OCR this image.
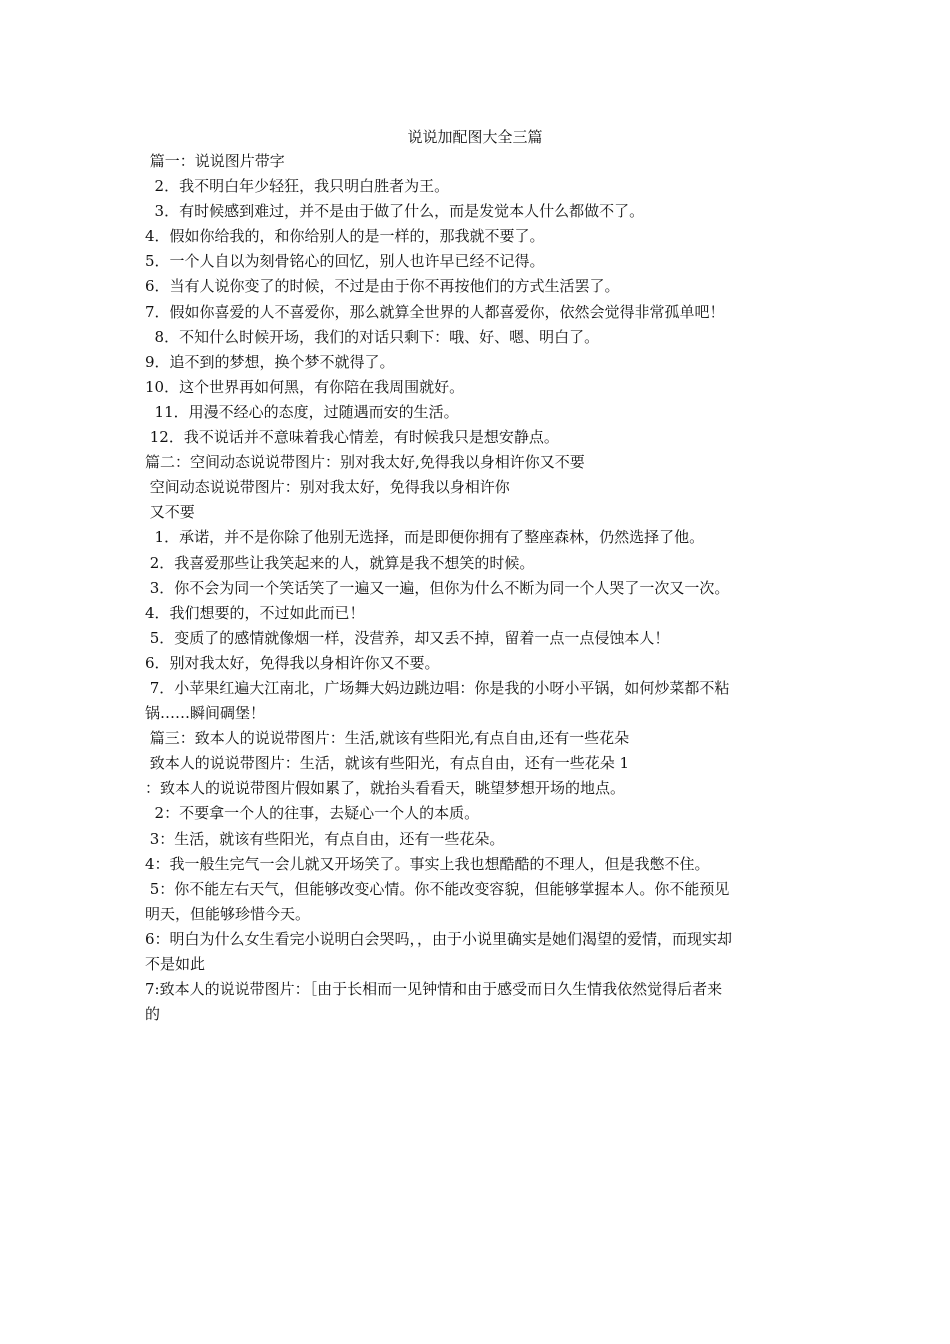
说说加配图大全三篇
篇一：说说图片带字
2．我不明白年少轻狂，我只明白胜者为王。
3．有时候感到难过，并不是由于做了什么，而是发觉本人什么都做不了。
4．假如你给我的，和你给别人的是一样的，那我就不要了。
5．一个人自以为刻骨铭心的回忆，别人也许早已经不记得。
6．当有人说你变了的时候，不过是由于你不再按他们的方式生活罢了。
7．假如你喜爱的人不喜爱你，那么就算全世界的人都喜爱你，依然会觉得非常孤单吧！
8．不知什么时候开场，我们的对话只剩下：哦、好、嗯、明白了。
9．追不到的梦想，换个梦不就得了。
10．这个世界再如何黑，有你陪在我周围就好。
11．用漫不经心的态度，过随遇而安的生活。
12．我不说话并不意味着我心情差，有时候我只是想安静点。
篇二：空间动态说说带图片：别对我太好,免得我以身相许你又不要
空间动态说说带图片：别对我太好，免得我以身相许你
又不要
1．承诺，并不是你除了他别无选择，而是即便你拥有了整座森林，仍然选择了他。
2．我喜爱那些让我笑起来的人，就算是我不想笑的时候。
3．你不会为同一个笑话笑了一遍又一遍，但你为什么不断为同一个人哭了一次又一次。
4．我们想要的，不过如此而已！
5．变质了的感情就像烟一样，没营养，却又丢不掉，留着一点一点侵蚀本人！
6．别对我太好，免得我以身相许你又不要。
7．小苹果红遍大江南北，广场舞大妈边跳边唱：你是我的小呀小平锅，如何炒菜都不粘
锅……瞬间碉堡！
篇三：致本人的说说带图片：生活,就该有些阳光,有点自由,还有一些花朵
致本人的说说带图片：生活，就该有些阳光，有点自由，还有一些花朵 1
：致本人的说说带图片假如累了，就抬头看看天，眺望梦想开场的地点。
2：不要拿一个人的往事，去疑心一个人的本质。
3：生活，就该有些阳光，有点自由，还有一些花朵。
4：我一般生完气一会儿就又开场笑了。事实上我也想酷酷的不理人，但是我憋不住。
5：你不能左右天气，但能够改变心情。你不能改变容貌，但能够掌握本人。你不能预见
明天，但能够珍惜今天。
6：明白为什么女生看完小说明白会哭吗，，由于小说里确实是她们渴望的爱情，而现实却
不是如此
7:致本人的说说带图片：［由于长相而一见钟情和由于感受而日久生情我依然觉得后者来
的
